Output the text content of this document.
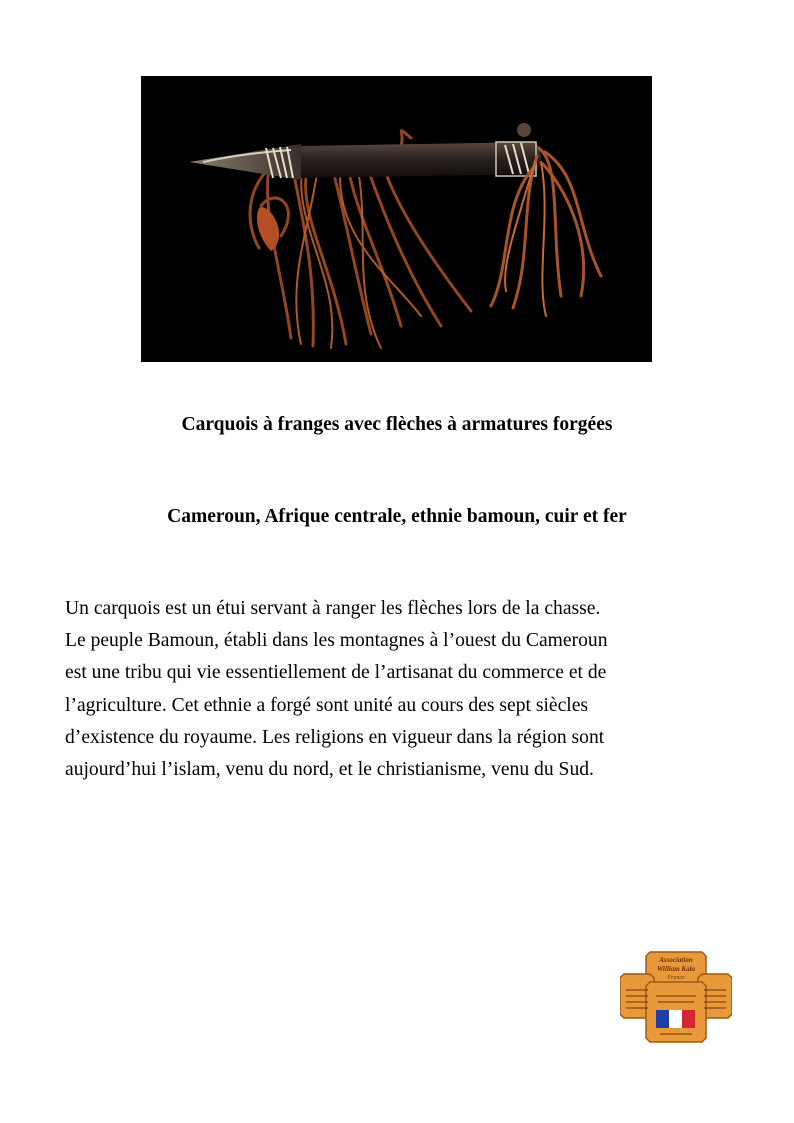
Carquois à franges avec flèches à armatures forgées
Cameroun, Afrique centrale, ethnie bamoun, cuir et fer
Un carquois est un étui servant à ranger les flèches lors de la chasse.
Le peuple Bamoun, établi dans les montagnes à l’ouest du Cameroun
est une tribu qui vie essentiellement de l’artisanat du commerce et de
l’agriculture. Cet ethnie a forgé sont unité au cours des sept siècles
d’existence du royaume. Les religions en vigueur dans la région sont
aujourd’hui l’islam, venu du nord, et le christianisme, venu du Sud.
Association
William Kala
France
